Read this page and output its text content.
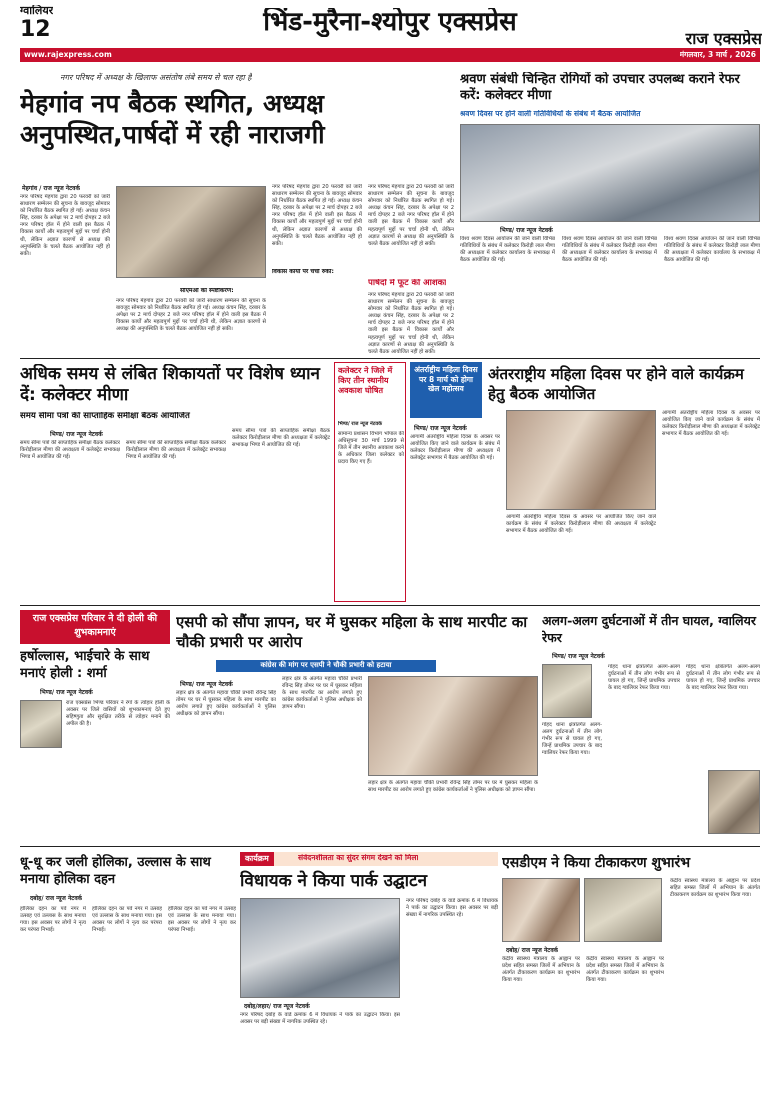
ग्वालियर
12	भिंड-मुरैना-श्योपुर एक्सप्रेस
राज एक्सप्रेस
www.rajexpress.com	मंगलवार, 3 मार्च , 2026
नगर परिषद में अध्यक्ष के खिलाफ असंतोष लंबे समय से चल रहा है
मेहगांव नप बैठक स्थगित, अध्यक्ष अनुपस्थित,पार्षदों में रही नाराजगी
मेहगांव / राज न्यूज नेटवर्क
नगर परिषद मेहगांव द्वारा 20 फरवरी को जारी साधारण सम्मेलन की सूचना के बावजूद सोमवार को निर्धारित बैठक स्थगित हो गई। अध्यक्ष कंचन सिंह, दरबार के अपेक्षा पर 2 मार्च दोपहर 2 बजे नगर परिषद हॉल में होने वाली इस बैठक में विकास कार्यों और महत्वपूर्ण मुद्दों पर चर्चा होनी थी, लेकिन अज्ञात कारणों से अध्यक्ष की अनुपस्थिति के चलते बैठक आयोजित नहीं हो सकी।
सीएमओ का स्पष्टीकरण:
नगर परिषद मेहगांव द्वारा 20 फरवरी को जारी साधारण सम्मेलन की सूचना के बावजूद सोमवार को निर्धारित बैठक स्थगित हो गई। अध्यक्ष कंचन सिंह, दरबार के अपेक्षा पर 2 मार्च दोपहर 2 बजे नगर परिषद हॉल में होने वाली इस बैठक में विकास कार्यों और महत्वपूर्ण मुद्दों पर चर्चा होनी थी, लेकिन अज्ञात कारणों से अध्यक्ष की अनुपस्थिति के चलते बैठक आयोजित नहीं हो सकी।
नगर परिषद मेहगांव द्वारा 20 फरवरी को जारी साधारण सम्मेलन की सूचना के बावजूद सोमवार को निर्धारित बैठक स्थगित हो गई। अध्यक्ष कंचन सिंह, दरबार के अपेक्षा पर 2 मार्च दोपहर 2 बजे नगर परिषद हॉल में होने वाली इस बैठक में विकास कार्यों और महत्वपूर्ण मुद्दों पर चर्चा होनी थी, लेकिन अज्ञात कारणों से अध्यक्ष की अनुपस्थिति के चलते बैठक आयोजित नहीं हो सकी।
विकास कार्यों पर चर्चा रुकी:
नगर परिषद मेहगांव द्वारा 20 फरवरी को जारी साधारण सम्मेलन की सूचना के बावजूद सोमवार को निर्धारित बैठक स्थगित हो गई। अध्यक्ष कंचन सिंह, दरबार के अपेक्षा पर 2 मार्च दोपहर 2 बजे नगर परिषद हॉल में होने वाली इस बैठक में विकास कार्यों और महत्वपूर्ण मुद्दों पर चर्चा होनी थी, लेकिन अज्ञात कारणों से अध्यक्ष की अनुपस्थिति के चलते बैठक आयोजित नहीं हो सकी।
पार्षदों में फूट की आशंका
नगर परिषद मेहगांव द्वारा 20 फरवरी को जारी साधारण सम्मेलन की सूचना के बावजूद सोमवार को निर्धारित बैठक स्थगित हो गई। अध्यक्ष कंचन सिंह, दरबार के अपेक्षा पर 2 मार्च दोपहर 2 बजे नगर परिषद हॉल में होने वाली इस बैठक में विकास कार्यों और महत्वपूर्ण मुद्दों पर चर्चा होनी थी, लेकिन अज्ञात कारणों से अध्यक्ष की अनुपस्थिति के चलते बैठक आयोजित नहीं हो सकी।
श्रवण संबंधी चिन्हित रोगियों को उपचार उपलब्ध कराने रेफर करें: कलेक्टर मीणा
श्रवण दिवस पर होने वाली गतिविधियों के संबंध में बैठक आयोजित
भिण्ड/ राज न्यूज नेटवर्क
विश्व श्रवण दिवस आयोजन की जाने वाली विभिन्न गतिविधियों के संबंध में कलेक्टर किरोड़ी लाल मीणा की अध्यक्षता में कलेक्टर कार्यालय के सभाकक्ष में बैठक आयोजित की गई।
विश्व श्रवण दिवस आयोजन की जाने वाली विभिन्न गतिविधियों के संबंध में कलेक्टर किरोड़ी लाल मीणा की अध्यक्षता में कलेक्टर कार्यालय के सभाकक्ष में बैठक आयोजित की गई।
विश्व श्रवण दिवस आयोजन की जाने वाली विभिन्न गतिविधियों के संबंध में कलेक्टर किरोड़ी लाल मीणा की अध्यक्षता में कलेक्टर कार्यालय के सभाकक्ष में बैठक आयोजित की गई।
अधिक समय से लंबित शिकायतों पर विशेष ध्यान दें: कलेक्टर मीणा
समय सीमा पत्रों की साप्ताहिक समीक्षा बैठक आयोजित
भिण्ड/ राज न्यूज नेटवर्क
समय सीमा पत्रों की साप्ताहिक समीक्षा बैठक कलेक्टर किरोड़ीलाल मीणा की अध्यक्षता में कलेक्ट्रेट सभाकक्ष भिण्ड में आयोजित की गई।
समय सीमा पत्रों की साप्ताहिक समीक्षा बैठक कलेक्टर किरोड़ीलाल मीणा की अध्यक्षता में कलेक्ट्रेट सभाकक्ष भिण्ड में आयोजित की गई।
समय सीमा पत्रों की साप्ताहिक समीक्षा बैठक कलेक्टर किरोड़ीलाल मीणा की अध्यक्षता में कलेक्ट्रेट सभाकक्ष भिण्ड में आयोजित की गई।
कलेक्टर ने जिले में किए तीन स्थानीय अवकाश घोषित
भिण्ड/ राज न्यूज नेटवर्क
सामान्य प्रशासन विभाग भोपाल की अधिसूचना 30 मार्च 1999 से जिले में तीन स्थानीय अवकाश करने के अधिकार जिला कलेक्टर को प्रदाय किए गए हैं।
अंतर्राष्ट्रीय महिला दिवस पर 8 मार्च को होगा खेल महोत्सव
अंतरराष्ट्रीय महिला दिवस पर होने वाले कार्यक्रम हेतु बैठक आयोजित
भिण्ड/ राज न्यूज नेटवर्क
आगामी अंतर्राष्ट्रीय महिला दिवस के अवसर पर आयोजित किए जाने वाले कार्यक्रम के संबंध में कलेक्टर किरोड़ीलाल मीणा की अध्यक्षता में कलेक्ट्रेट सभागार में बैठक आयोजित की गई।
आगामी अंतर्राष्ट्रीय महिला दिवस के अवसर पर आयोजित किए जाने वाले कार्यक्रम के संबंध में कलेक्टर किरोड़ीलाल मीणा की अध्यक्षता में कलेक्ट्रेट सभागार में बैठक आयोजित की गई।
आगामी अंतर्राष्ट्रीय महिला दिवस के अवसर पर आयोजित किए जाने वाले कार्यक्रम के संबंध में कलेक्टर किरोड़ीलाल मीणा की अध्यक्षता में कलेक्ट्रेट सभागार में बैठक आयोजित की गई।
राज एक्सप्रेस परिवार ने दी होली की शुभकामनाएं
हर्षोल्लास, भाईचारे के साथ मनाएं होली : शर्मा
भिण्ड/ राज न्यूज नेटवर्क
राज एक्सप्रेस भिण्ड परिवार ने रंगों के त्योहार होली के अवसर पर जिले वासियों को शुभकामनाएं देते हुए सहिष्णुता और सुरक्षित तरीके से त्योहार मनाने की अपील की है।
एसपी को सौंपा ज्ञापन, घर में घुसकर महिला के साथ मारपीट का चौकी प्रभारी पर आरोप
कांग्रेस की मांग पर एसपी ने चौकी प्रभारी को हटाया
भिण्ड/ राज न्यूज नेटवर्क
लहार क्षेत्र के अंतर्गत महावा चौकी प्रभारी रविन्द्र सिंह तोमर पर घर में घुसकर महिला के साथ मारपीट का आरोप लगाते हुए कांग्रेस कार्यकर्ताओं ने पुलिस अधीक्षक को ज्ञापन सौंपा।
लहार क्षेत्र के अंतर्गत महावा चौकी प्रभारी रविन्द्र सिंह तोमर पर घर में घुसकर महिला के साथ मारपीट का आरोप लगाते हुए कांग्रेस कार्यकर्ताओं ने पुलिस अधीक्षक को ज्ञापन सौंपा।
लहार क्षेत्र के अंतर्गत महावा चौकी प्रभारी रविन्द्र सिंह तोमर पर घर में घुसकर महिला के साथ मारपीट का आरोप लगाते हुए कांग्रेस कार्यकर्ताओं ने पुलिस अधीक्षक को ज्ञापन सौंपा।
अलग-अलग दुर्घटनाओं में तीन घायल, ग्वालियर रेफर
भिण्ड/ राज न्यूज नेटवर्क
गोहद थाना क्षेत्रांतर्गत अलग-अलग दुर्घटनाओं में तीन लोग गंभीर रूप से घायल हो गए, जिन्हें प्राथमिक उपचार के बाद ग्वालियर रेफर किया गया।
गोहद थाना क्षेत्रांतर्गत अलग-अलग दुर्घटनाओं में तीन लोग गंभीर रूप से घायल हो गए, जिन्हें प्राथमिक उपचार के बाद ग्वालियर रेफर किया गया।
गोहद थाना क्षेत्रांतर्गत अलग-अलग दुर्घटनाओं में तीन लोग गंभीर रूप से घायल हो गए, जिन्हें प्राथमिक उपचार के बाद ग्वालियर रेफर किया गया।
धू-धू कर जली होलिका, उल्लास के साथ मनाया होलिका दहन
दबोह/ राज न्यूज नेटवर्क
होलिका दहन का पर्व नगर में उत्साह एवं उल्लास के साथ मनाया गया। इस अवसर पर लोगों ने नृत्य कर परंपरा निभाई।
होलिका दहन का पर्व नगर में उत्साह एवं उल्लास के साथ मनाया गया। इस अवसर पर लोगों ने नृत्य कर परंपरा निभाई।
होलिका दहन का पर्व नगर में उत्साह एवं उल्लास के साथ मनाया गया। इस अवसर पर लोगों ने नृत्य कर परंपरा निभाई।
कार्यक्रम	संवेदनशीलता का सुंदर संगम देखने को मिला
विधायक ने किया पार्क उद्घाटन
दबोह/लहार/ राज न्यूज नेटवर्क
नगर परिषद दबोह के वार्ड क्रमांक 6 में विधायक ने पार्क का उद्घाटन किया। इस अवसर पर बड़ी संख्या में नागरिक उपस्थित रहे।
नगर परिषद दबोह के वार्ड क्रमांक 6 में विधायक ने पार्क का उद्घाटन किया। इस अवसर पर बड़ी संख्या में नागरिक उपस्थित रहे।
एसडीएम ने किया टीकाकरण शुभारंभ
दबोह/ राज न्यूज नेटवर्क
केंद्रीय स्वास्थ्य मंत्रालय के आह्वान पर प्रदेश सहित समस्त जिलों में अभियान के अंतर्गत टीकाकरण कार्यक्रम का शुभारंभ किया गया।
केंद्रीय स्वास्थ्य मंत्रालय के आह्वान पर प्रदेश सहित समस्त जिलों में अभियान के अंतर्गत टीकाकरण कार्यक्रम का शुभारंभ किया गया।
केंद्रीय स्वास्थ्य मंत्रालय के आह्वान पर प्रदेश सहित समस्त जिलों में अभियान के अंतर्गत टीकाकरण कार्यक्रम का शुभारंभ किया गया।
